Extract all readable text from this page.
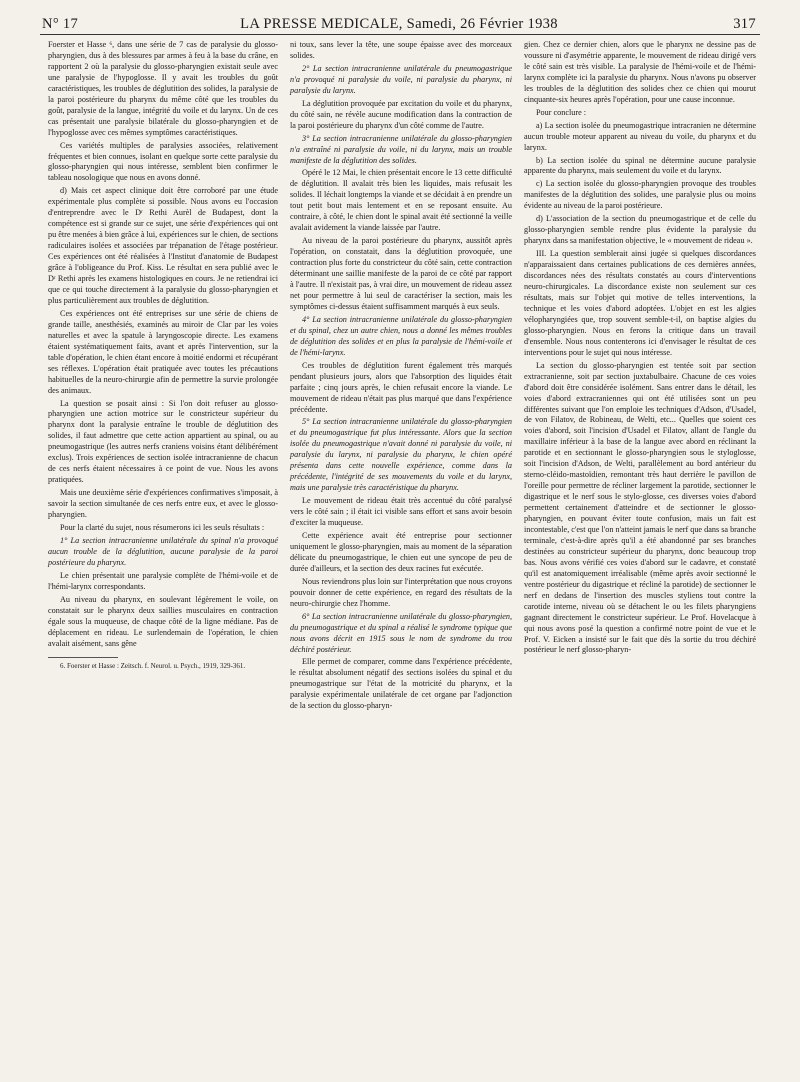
N° 17	LA PRESSE MEDICALE, Samedi, 26 Février 1938	317

Foerster et Hasse ⁶, dans une série de 7 cas de paralysie du glosso-pharyngien, dus à des blessures par armes à feu à la base du crâne, en rapportent 2 où la paralysie du glosso-pharyngien existait seule avec une paralysie de l'hypoglosse. Il y avait les troubles du goût caractéristiques, les troubles de déglutition des solides, la paralysie de la paroi postérieure du pharynx du même côté que les troubles du goût, paralysie de la langue, intégrité du voile et du larynx. Un de ces cas présentait une paralysie bilatérale du glosso-pharyngien et de l'hypoglosse avec ces mêmes symptômes caractéristiques.

Ces variétés multiples de paralysies associées, relativement fréquentes et bien connues, isolant en quelque sorte cette paralysie du glosso-pharyngien qui nous intéresse, semblent bien confirmer le tableau nosologique que nous en avons donné.

d) Mais cet aspect clinique doit être corroboré par une étude expérimentale plus complète si possible. Nous avons eu l'occasion d'entreprendre avec le Dʳ Rethi Aurèl de Budapest, dont la compétence est si grande sur ce sujet, une série d'expériences qui ont pu être menées à bien grâce à lui, expériences sur le chien, de sections radiculaires isolées et associées par trépanation de l'étage postérieur. Ces expériences ont été réalisées à l'Institut d'anatomie de Budapest grâce à l'obligeance du Prof. Kiss. Le résultat en sera publié avec le Dʳ Rethi après les examens histologiques en cours. Je ne retiendrai ici que ce qui touche directement à la paralysie du glosso-pharyngien et plus particulièrement aux troubles de déglutition.

Ces expériences ont été entreprises sur une série de chiens de grande taille, anesthésiés, examinés au miroir de Clar par les voies naturelles et avec la spatule à laryngoscopie directe. Les examens étaient systématiquement faits, avant et après l'intervention, sur la table d'opération, le chien étant encore à moitié endormi et récupérant ses réflexes. L'opération était pratiquée avec toutes les précautions habituelles de la neuro-chirurgie afin de permettre la survie prolongée des animaux.

La question se posait ainsi : Si l'on doit refuser au glosso-pharyngien une action motrice sur le constricteur supérieur du pharynx dont la paralysie entraîne le trouble de déglutition des solides, il faut admettre que cette action appartient au spinal, ou au pneumogastrique (les autres nerfs craniens voisins étant délibérément exclus). Trois expériences de section isolée intracranienne de chacun de ces nerfs étaient nécessaires à ce point de vue. Nous les avons pratiquées.

Mais une deuxième série d'expériences confirmatives s'imposait, à savoir la section simultanée de ces nerfs entre eux, et avec le glosso-pharyngien.

Pour la clarté du sujet, nous résumerons ici les seuls résultats :

1° La section intracranienne unilatérale du spinal n'a provoqué aucun trouble de la déglutition, aucune paralysie de la paroi postérieure du pharynx.

Le chien présentait une paralysie complète de l'hémi-voile et de l'hémi-larynx correspondants.

Au niveau du pharynx, en soulevant légèrement le voile, on constatait sur le pharynx deux saillies musculaires en contraction égale sous la muqueuse, de chaque côté de la ligne médiane. Pas de déplacement en rideau. Le surlendemain de l'opération, le chien avalait aisément, sans gêne

6. Foerster et Hasse : Zeitsch. f. Neurol. u. Psych., 1919, 329-361.

ni toux, sans lever la tête, une soupe épaisse avec des morceaux solides.

2° La section intracranienne unilatérale du pneumogastrique n'a provoqué ni paralysie du voile, ni paralysie du pharynx, ni paralysie du larynx.

La déglutition provoquée par excitation du voile et du pharynx, du côté sain, ne révèle aucune modification dans la contraction de la paroi postérieure du pharynx d'un côté comme de l'autre.

3° La section intracranienne unilatérale du glosso-pharyngien n'a entraîné ni paralysie du voile, ni du larynx, mais un trouble manifeste de la déglutition des solides.

Opéré le 12 Mai, le chien présentait encore le 13 cette difficulté de déglutition. Il avalait très bien les liquides, mais refusait les solides. Il léchait longtemps la viande et se décidait à en prendre un tout petit bout mais lentement et en se reposant ensuite. Au contraire, à côté, le chien dont le spinal avait été sectionné la veille avalait avidement la viande laissée par l'autre.

Au niveau de la paroi postérieure du pharynx, aussitôt après l'opération, on constatait, dans la déglutition provoquée, une contraction plus forte du constricteur du côté sain, cette contraction déterminant une saillie manifeste de la paroi de ce côté par rapport à l'autre. Il n'existait pas, à vrai dire, un mouvement de rideau assez net pour permettre à lui seul de caractériser la section, mais les symptômes ci-dessus étaient suffisamment marqués à eux seuls.

4° La section intracranienne unilatérale du glosso-pharyngien et du spinal, chez un autre chien, nous a donné les mêmes troubles de déglutition des solides et en plus la paralysie de l'hémi-voile et de l'hémi-larynx.

Ces troubles de déglutition furent également très marqués pendant plusieurs jours, alors que l'absorption des liquides était parfaite ; cinq jours après, le chien refusait encore la viande. Le mouvement de rideau n'était pas plus marqué que dans l'expérience précédente.

5° La section intracranienne unilatérale du glosso-pharyngien et du pneumogastrique fut plus intéressante. Alors que la section isolée du pneumogastrique n'avait donné ni paralysie du voile, ni paralysie du larynx, ni paralysie du pharynx, le chien opéré présenta dans cette nouvelle expérience, comme dans la précédente, l'intégrité de ses mouvements du voile et du larynx, mais une paralysie très caractéristique du pharynx.

Le mouvement de rideau était très accentué du côté paralysé vers le côté sain ; il était ici visible sans effort et sans avoir besoin d'exciter la muqueuse.

Cette expérience avait été entreprise pour sectionner uniquement le glosso-pharyngien, mais au moment de la séparation délicate du pneumogastrique, le chien eut une syncope de peu de durée d'ailleurs, et la section des deux racines fut exécutée.

Nous reviendrons plus loin sur l'interprétation que nous croyons pouvoir donner de cette expérience, en regard des résultats de la neuro-chirurgie chez l'homme.

6° La section intracranienne unilatérale du glosso-pharyngien, du pneumogastrique et du spinal a réalisé le syndrome typique que nous avons décrit en 1915 sous le nom de syndrome du trou déchiré postérieur.

Elle permet de comparer, comme dans l'expérience précédente, le résultat absolument négatif des sections isolées du spinal et du pneumogastrique sur l'état de la motricité du pharynx, et la paralysie expérimentale unilatérale de cet organe par l'adjonction de la section du glosso-pharyn-

gien. Chez ce dernier chien, alors que le pharynx ne dessine pas de voussure ni d'asymétrie apparente, le mouvement de rideau dirigé vers le côté sain est très visible. La paralysie de l'hémi-voile et de l'hémi-larynx complète ici la paralysie du pharynx. Nous n'avons pu observer les troubles de la déglutition des solides chez ce chien qui mourut cinquante-six heures après l'opération, pour une cause inconnue.

Pour conclure :

a) La section isolée du pneumogastrique intracranien ne détermine aucun trouble moteur apparent au niveau du voile, du pharynx et du larynx.

b) La section isolée du spinal ne détermine aucune paralysie apparente du pharynx, mais seulement du voile et du larynx.

c) La section isolée du glosso-pharyngien provoque des troubles manifestes de la déglutition des solides, une paralysie plus ou moins évidente au niveau de la paroi postérieure.

d) L'association de la section du pneumogastrique et de celle du glosso-pharyngien semble rendre plus évidente la paralysie du pharynx dans sa manifestation objective, le « mouvement de rideau ».

III. La question semblerait ainsi jugée si quelques discordances n'apparaissaient dans certaines publications de ces dernières années, discordances nées des résultats constatés au cours d'interventions neuro-chirurgicales. La discordance existe non seulement sur ces résultats, mais sur l'objet qui motive de telles interventions, la technique et les voies d'abord adoptées. L'objet en est les algies vélopharyngiées que, trop souvent semble-t-il, on baptise algies du glosso-pharyngien. Nous en ferons la critique dans un travail d'ensemble. Nous nous contenterons ici d'envisager le résultat de ces interventions pour le sujet qui nous intéresse.

La section du glosso-pharyngien est tentée soit par section extracranienne, soit par section juxtabulbaire. Chacune de ces voies d'abord doit être considérée isolément. Sans entrer dans le détail, les voies d'abord extracraniennes qui ont été utilisées sont un peu différentes suivant que l'on emploie les techniques d'Adson, d'Usadel, de von Filatov, de Robineau, de Welti, etc... Quelles que soient ces voies d'abord, soit l'incision d'Usadel et Filatov, allant de l'angle du maxillaire inférieur à la base de la langue avec abord en réclinant la parotide et en sectionnant le glosso-pharyngien sous le styloglosse, soit l'incision d'Adson, de Welti, parallèlement au bord antérieur du sterno-cléido-mastoïdien, remontant très haut derrière le pavillon de l'oreille pour permettre de récliner largement la parotide, sectionner le digastrique et le nerf sous le stylo-glosse, ces diverses voies d'abord permettent certainement d'atteindre et de sectionner le glosso-pharyngien, en pouvant éviter toute confusion, mais un fait est incontestable, c'est que l'on n'atteint jamais le nerf que dans sa branche terminale, c'est-à-dire après qu'il a été abandonné par ses branches destinées au constricteur supérieur du pharynx, donc beaucoup trop bas. Nous avons vérifié ces voies d'abord sur le cadavre, et constaté qu'il est anatomiquement irréalisable (même après avoir sectionné le ventre postérieur du digastrique et récliné la parotide) de sectionner le nerf en dedans de l'insertion des muscles styliens tout contre la carotide interne, niveau où se détachent le ou les filets pharyngiens gagnant directement le constricteur supérieur. Le Prof. Hovelacque à qui nous avons posé la question a confirmé notre point de vue et le Prof. V. Eicken a insisté sur le fait que dès la sortie du trou déchiré postérieur le nerf glosso-pharyn-
